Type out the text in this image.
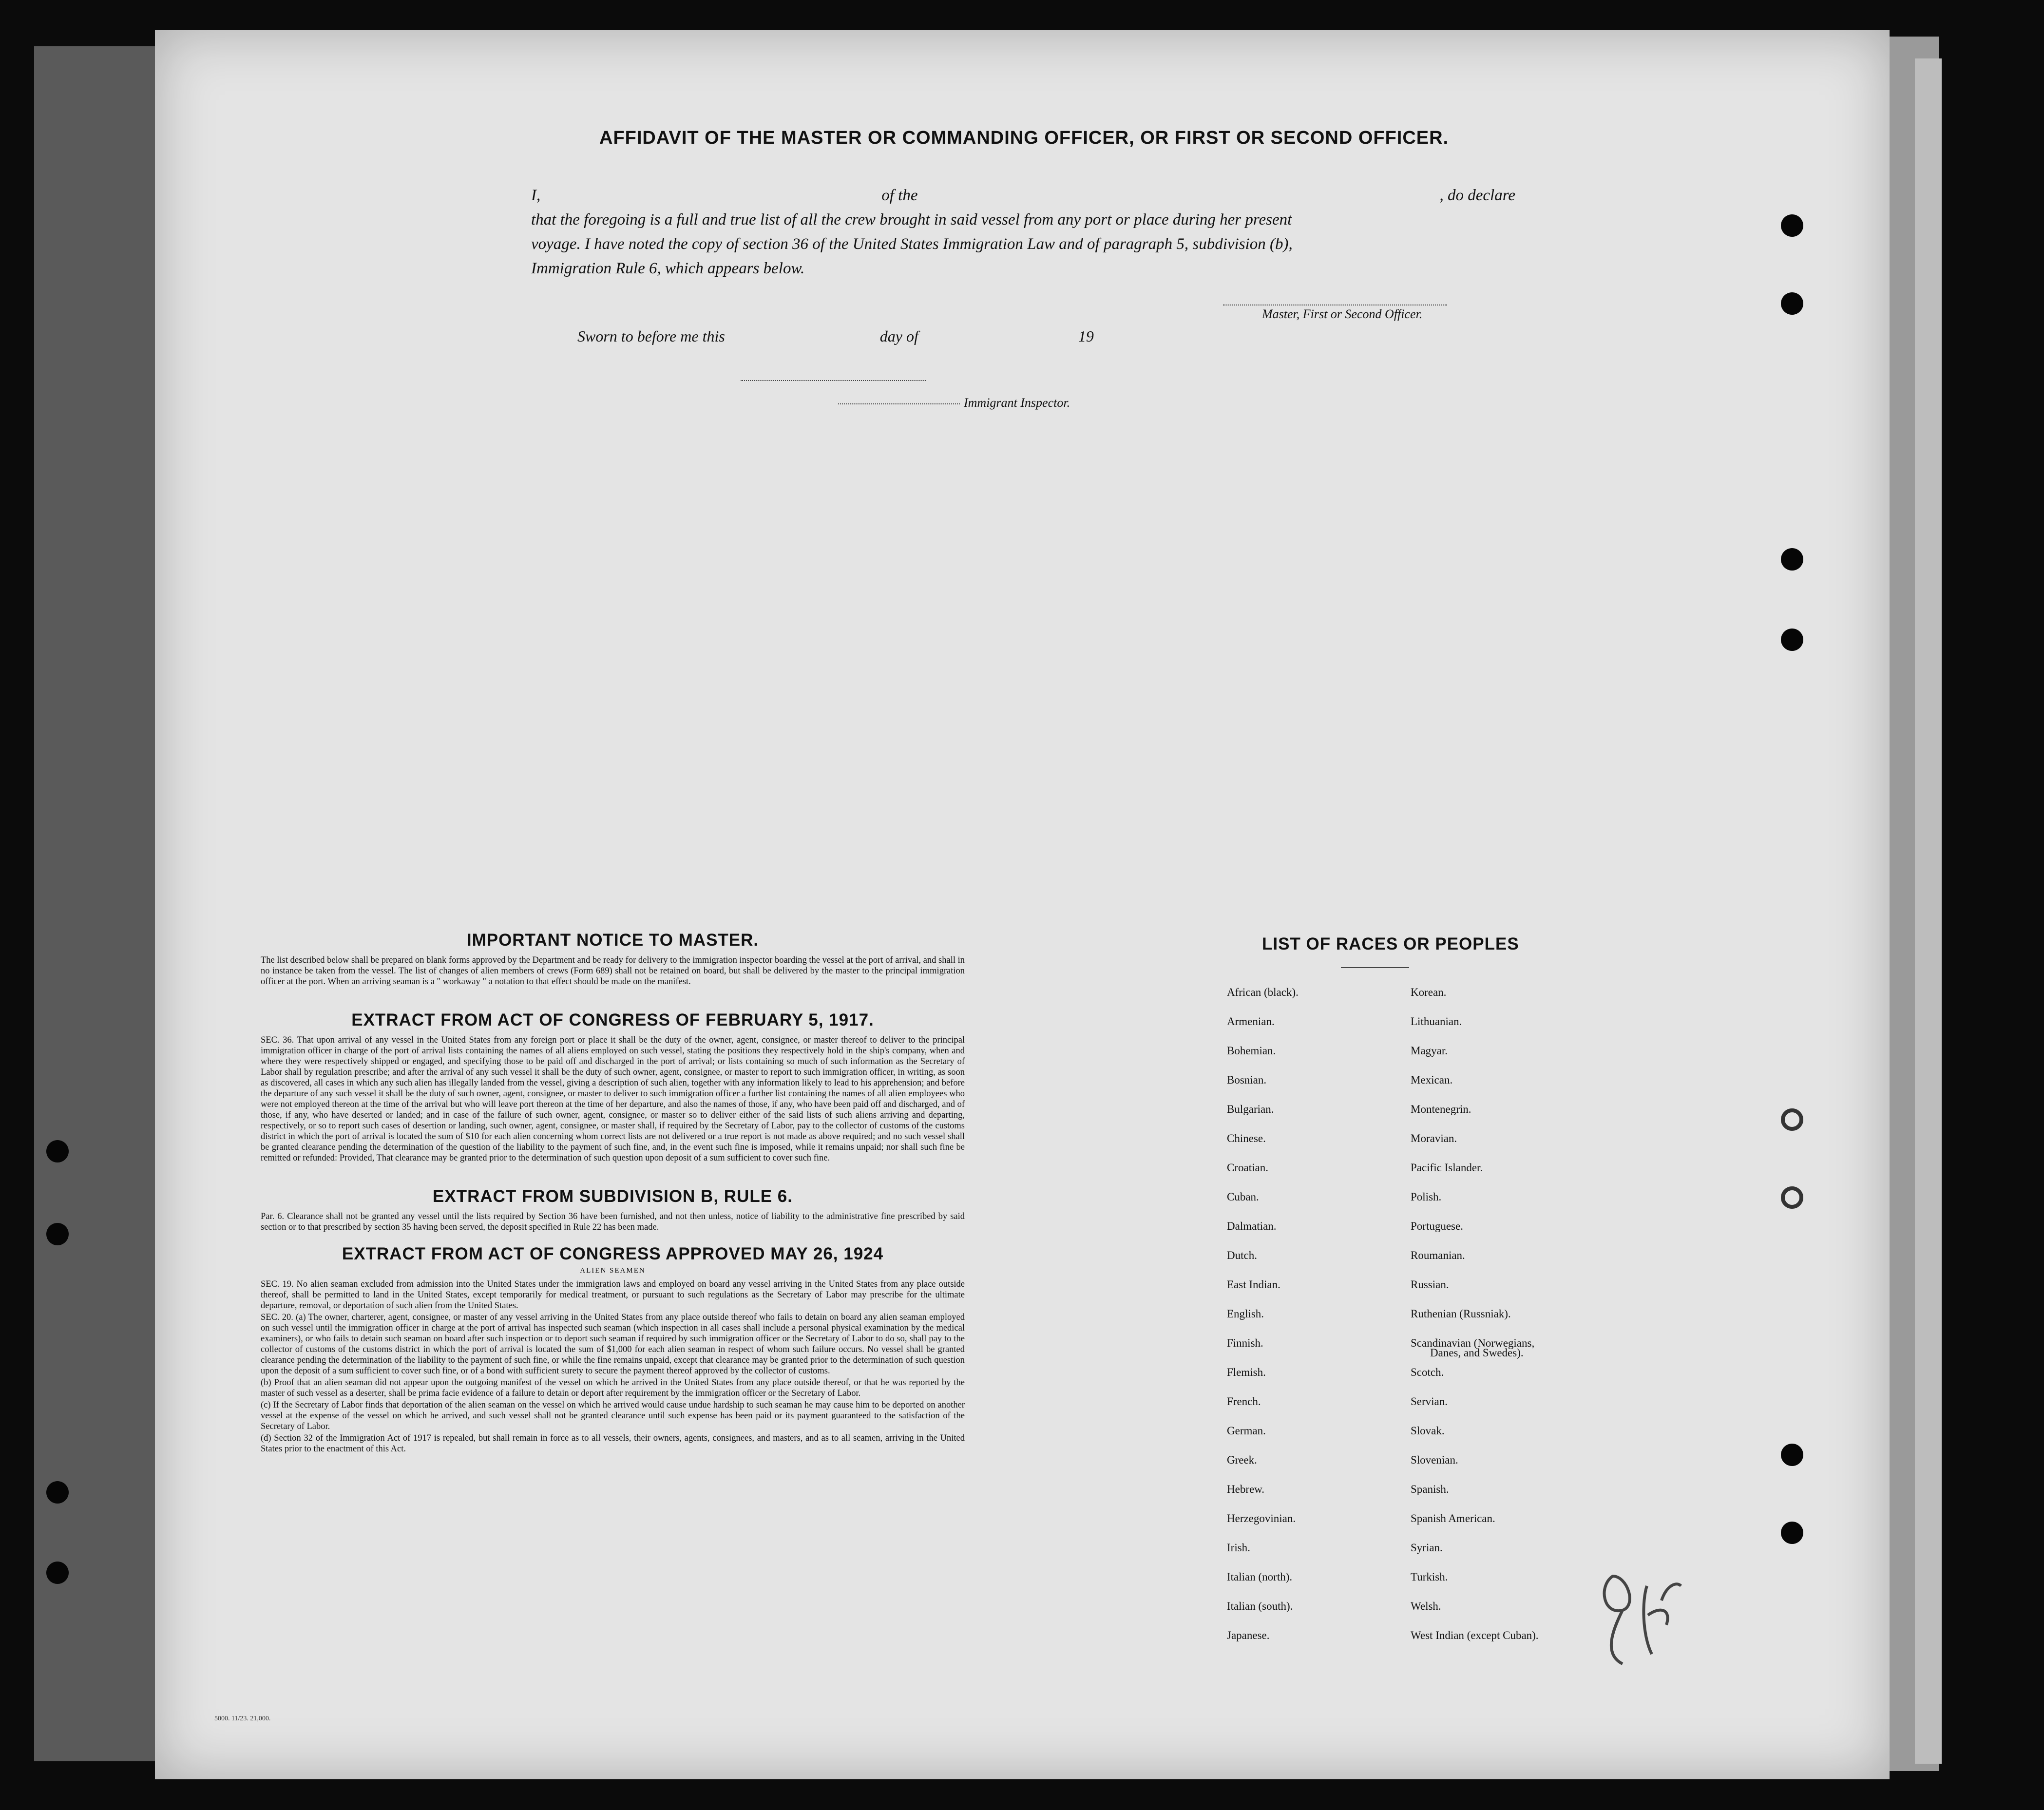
AFFIDAVIT OF THE MASTER OR COMMANDING OFFICER, OR FIRST OR SECOND OFFICER.
I,	of the	, do declare
that the foregoing is a full and true list of all the crew brought in said vessel from any port or place during her present
voyage. I have noted the copy of section 36 of the United States Immigration Law and of paragraph 5, subdivision (b),
Immigration Rule 6, which appears below.
Master, First or Second Officer.
Sworn to before me this	day of	19
Immigrant Inspector.
IMPORTANT NOTICE TO MASTER.

The list described below shall be prepared on blank forms approved by the Department and be ready for delivery to the immigration inspector boarding the vessel at the port of arrival, and shall in no instance be taken from the vessel. The list of changes of alien members of crews (Form 689) shall not be retained on board, but shall be delivered by the master to the principal immigration officer at the port. When an arriving seaman is a " workaway " a notation to that effect should be made on the manifest.

EXTRACT FROM ACT OF CONGRESS OF FEBRUARY 5, 1917.

SEC. 36. That upon arrival of any vessel in the United States from any foreign port or place it shall be the duty of the owner, agent, consignee, or master thereof to deliver to the principal immigration officer in charge of the port of arrival lists containing the names of all aliens employed on such vessel, stating the positions they respectively hold in the ship's company, when and where they were respectively shipped or engaged, and specifying those to be paid off and discharged in the port of arrival; or lists containing so much of such information as the Secretary of Labor shall by regulation prescribe; and after the arrival of any such vessel it shall be the duty of such owner, agent, consignee, or master to report to such immigration officer, in writing, as soon as discovered, all cases in which any such alien has illegally landed from the vessel, giving a description of such alien, together with any information likely to lead to his apprehension; and before the departure of any such vessel it shall be the duty of such owner, agent, consignee, or master to deliver to such immigration officer a further list containing the names of all alien employees who were not employed thereon at the time of the arrival but who will leave port thereon at the time of her departure, and also the names of those, if any, who have been paid off and discharged, and of those, if any, who have deserted or landed; and in case of the failure of such owner, agent, consignee, or master so to deliver either of the said lists of such aliens arriving and departing, respectively, or so to report such cases of desertion or landing, such owner, agent, consignee, or master shall, if required by the Secretary of Labor, pay to the collector of customs of the customs district in which the port of arrival is located the sum of $10 for each alien concerning whom correct lists are not delivered or a true report is not made as above required; and no such vessel shall be granted clearance pending the determination of the question of the liability to the payment of such fine, and, in the event such fine is imposed, while it remains unpaid; nor shall such fine be remitted or refunded: Provided, That clearance may be granted prior to the determination of such question upon deposit of a sum sufficient to cover such fine.

EXTRACT FROM SUBDIVISION B, RULE 6.

Par. 6. Clearance shall not be granted any vessel until the lists required by Section 36 have been furnished, and not then unless, notice of liability to the administrative fine prescribed by said section or to that prescribed by section 35 having been served, the deposit specified in Rule 22 has been made.

EXTRACT FROM ACT OF CONGRESS APPROVED MAY 26, 1924
ALIEN SEAMEN

SEC. 19. No alien seaman excluded from admission into the United States under the immigration laws and employed on board any vessel arriving in the United States from any place outside thereof, shall be permitted to land in the United States, except temporarily for medical treatment, or pursuant to such regulations as the Secretary of Labor may prescribe for the ultimate departure, removal, or deportation of such alien from the United States.

SEC. 20. (a) The owner, charterer, agent, consignee, or master of any vessel arriving in the United States from any place outside thereof who fails to detain on board any alien seaman employed on such vessel until the immigration officer in charge at the port of arrival has inspected such seaman (which inspection in all cases shall include a personal physical examination by the medical examiners), or who fails to detain such seaman on board after such inspection or to deport such seaman if required by such immigration officer or the Secretary of Labor to do so, shall pay to the collector of customs of the customs district in which the port of arrival is located the sum of $1,000 for each alien seaman in respect of whom such failure occurs. No vessel shall be granted clearance pending the determination of the liability to the payment of such fine, or while the fine remains unpaid, except that clearance may be granted prior to the determination of such question upon the deposit of a sum sufficient to cover such fine, or of a bond with sufficient surety to secure the payment thereof approved by the collector of customs.

(b) Proof that an alien seaman did not appear upon the outgoing manifest of the vessel on which he arrived in the United States from any place outside thereof, or that he was reported by the master of such vessel as a deserter, shall be prima facie evidence of a failure to detain or deport after requirement by the immigration officer or the Secretary of Labor.

(c) If the Secretary of Labor finds that deportation of the alien seaman on the vessel on which he arrived would cause undue hardship to such seaman he may cause him to be deported on another vessel at the expense of the vessel on which he arrived, and such vessel shall not be granted clearance until such expense has been paid or its payment guaranteed to the satisfaction of the Secretary of Labor.

(d) Section 32 of the Immigration Act of 1917 is repealed, but shall remain in force as to all vessels, their owners, agents, consignees, and masters, and as to all seamen, arriving in the United States prior to the enactment of this Act.

LIST OF RACES OR PEOPLES
African (black).
Armenian.
Bohemian.
Bosnian.
Bulgarian.
Chinese.
Croatian.
Cuban.
Dalmatian.
Dutch.
East Indian.
English.
Finnish.
Flemish.
French.
German.
Greek.
Hebrew.
Herzegovinian.
Irish.
Italian (north).
Italian (south).
Japanese.
Korean.
Lithuanian.
Magyar.
Mexican.
Montenegrin.
Moravian.
Pacific Islander.
Polish.
Portuguese.
Roumanian.
Russian.
Ruthenian (Russniak).
Scandinavian (Norwegians,
Danes, and Swedes).
Scotch.
Servian.
Slovak.
Slovenian.
Spanish.
Spanish American.
Syrian.
Turkish.
Welsh.
West Indian (except Cuban).
5000. 11/23. 21,000.
